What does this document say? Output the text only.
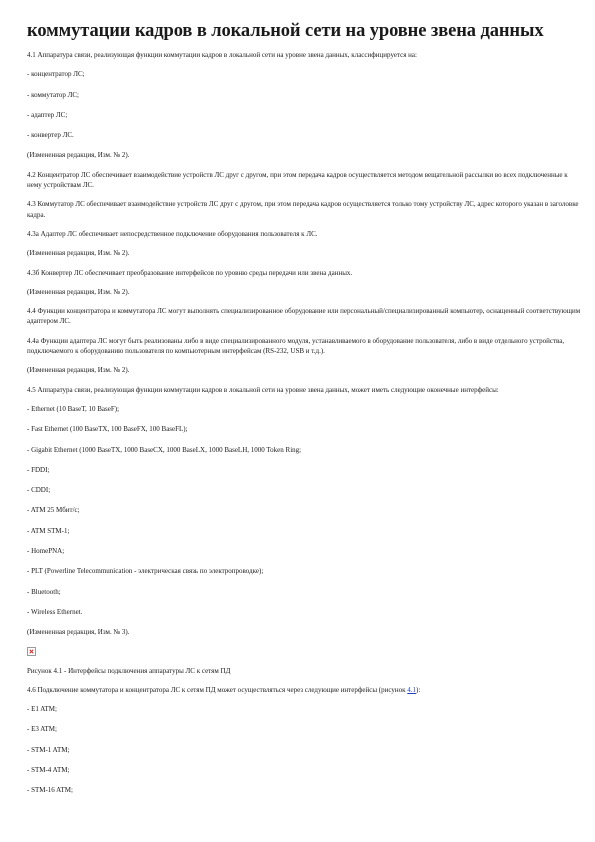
коммутации кадров в локальной сети на уровне звена данных

4.1 Аппаратура связи, реализующая функции коммутации кадров в локальной сети на уровне звена данных, классифицируется на:

- концентратор ЛС;

- коммутатор ЛС;

- адаптер ЛС;

- конвертер ЛС.

(Измененная редакция, Изм. № 2).

4.2 Концентратор ЛС обеспечивает взаимодействие устройств ЛС друг с другом, при этом передача кадров осуществляется методом вещательной рассылки во всех подключенные к нему устройствам ЛС.

4.3 Коммутатор ЛС обеспечивает взаимодействие устройств ЛС друг с другом, при этом передача кадров осуществляется только тому устройству ЛС, адрес которого указан в заголовке кадра.

4.3а Адаптер ЛС обеспечивает непосредственное подключение оборудования пользователя к ЛС.

(Измененная редакция, Изм. № 2).

4.3б Конвертер ЛС обеспечивает преобразование интерфейсов по уровню среды передачи или звена данных.

(Измененная редакция, Изм. № 2).

4.4 Функции концентратора и коммутатора ЛС могут выполнять специализированное оборудование или персональный/специализированный компьютер, оснащенный соответствующим адаптером ЛС.

4.4а Функции адаптера ЛС могут быть реализованы либо в виде специализированного модуля, устанавливаемого в оборудование пользователя, либо в виде отдельного устройства, подключаемого к оборудованию пользователя по компьютерным интерфейсам (RS-232, USB и т.д.).

(Измененная редакция, Изм. № 2).

4.5 Аппаратура связи, реализующая функции коммутации кадров в локальной сети на уровне звена данных, может иметь следующие оконечные интерфейсы:

- Ethernet (10 BaseT, 10 BaseF);

- Fast Ethernet (100 BaseTX, 100 BaseFX, 100 BaseFL);

- Gigabit Ethernet (1000 BaseTX, 1000 BaseCX, 1000 BaseLX, 1000 BaseLH, 1000 Token Ring;

- FDDI;

- CDDI;

- ATM 25 Мбит/с;

- ATM STM-1;

- HomePNA;

- PLT (Powerline Telecommunication - электрическая связь по электропроводке);

- Bluetooth;

- Wireless Ethernet.

(Измененная редакция, Изм. № 3).

Рисунок 4.1 - Интерфейсы подключения аппаратуры ЛС к сетям ПД

4.6 Подключение коммутатора и концентратора ЛС к сетям ПД может осуществляться через следующие интерфейсы (рисунок 4.1):

- E1 ATM;

- E3 ATM;

- STM-1 ATM;

- STM-4 ATM;

- STM-16 ATM;
